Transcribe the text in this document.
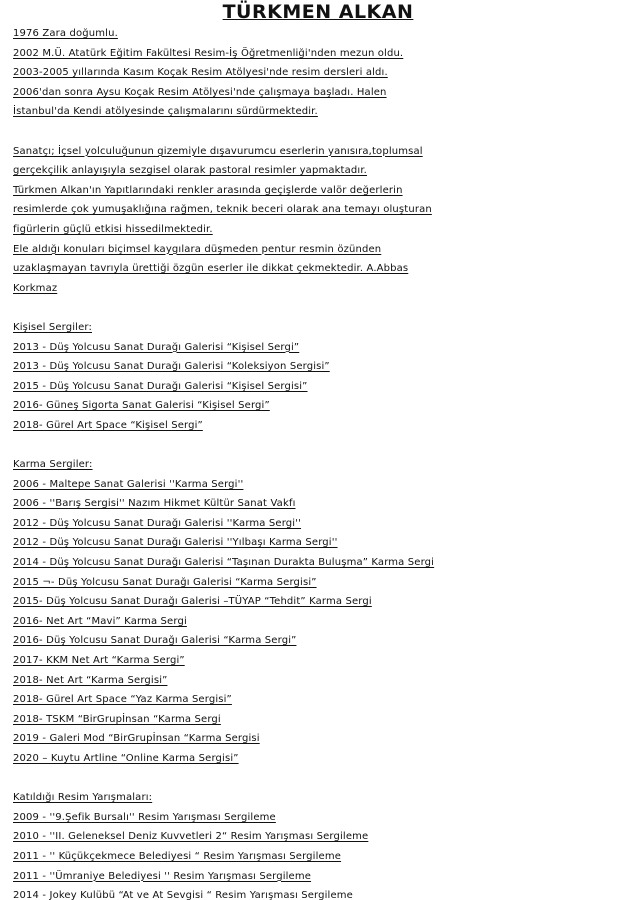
TÜRKMEN ALKAN
1976 Zara doğumlu.
2002 M.Ü. Atatürk Eğitim Fakültesi Resim-İş Öğretmenliği'nden mezun oldu.
2003-2005 yıllarında Kasım Koçak Resim Atölyesi'nde resim dersleri aldı.
2006'dan sonra Aysu Koçak Resim Atölyesi'nde çalışmaya başladı. Halen
İstanbul'da Kendi atölyesinde çalışmalarını sürdürmektedir.
Sanatçı; İçsel yolculuğunun gizemiyle dışavurumcu eserlerin yanısıra,toplumsal
gerçekçilik anlayışıyla sezgisel olarak pastoral resimler yapmaktadır.
Türkmen Alkan'ın Yapıtlarındaki renkler arasında geçişlerde valör değerlerin
resimlerde çok yumuşaklığına rağmen, teknik beceri olarak ana temayı oluşturan
figürlerin güçlü etkisi hissedilmektedir.
Ele aldığı konuları biçimsel kaygılara düşmeden pentur resmin özünden
uzaklaşmayan tavrıyla ürettiği özgün eserler ile dikkat çekmektedir. A.Abbas
Korkmaz
Kişisel Sergiler:
2013 - Düş Yolcusu Sanat Durağı Galerisi “Kişisel Sergi”
2013 - Düş Yolcusu Sanat Durağı Galerisi “Koleksiyon Sergisi”
2015 - Düş Yolcusu Sanat Durağı Galerisi “Kişisel Sergisi”
2016- Güneş Sigorta Sanat Galerisi “Kişisel Sergi”
2018- Gürel Art Space “Kişisel Sergi”
Karma Sergiler:
2006 - Maltepe Sanat Galerisi ''Karma Sergi''
2006 - ''Barış Sergisi'' Nazım Hikmet Kültür Sanat Vakfı
2012 - Düş Yolcusu Sanat Durağı Galerisi ''Karma Sergi''
2012 - Düş Yolcusu Sanat Durağı Galerisi ''Yılbaşı Karma Sergi''
2014 - Düş Yolcusu Sanat Durağı Galerisi “Taşınan Durakta Buluşma” Karma Sergi
2015 ¬- Düş Yolcusu Sanat Durağı Galerisi “Karma Sergisi”
2015- Düş Yolcusu Sanat Durağı Galerisi –TÜYAP “Tehdit” Karma Sergi
2016- Net Art “Mavi” Karma Sergi
2016- Düş Yolcusu Sanat Durağı Galerisi “Karma Sergi”
2017- KKM Net Art “Karma Sergi”
2018- Net Art “Karma Sergisi”
2018- Gürel Art Space “Yaz Karma Sergisi”
2018- TSKM “BirGrupİnsan “Karma Sergi
2019 - Galeri Mod “BirGrupİnsan “Karma Sergisi
2020 – Kuytu Artline “Online Karma Sergisi”
Katıldığı Resim Yarışmaları:
2009 - ''9.Şefik Bursalı'' Resim Yarışması Sergileme
2010 - ''II. Geleneksel Deniz Kuvvetleri 2“ Resim Yarışması Sergileme
2011 - '' Küçükçekmece Belediyesi “ Resim Yarışması Sergileme
2011 - ''Ümraniye Belediyesi '' Resim Yarışması Sergileme
2014 - Jokey Kulübü “At ve At Sevgisi “ Resim Yarışması Sergileme
